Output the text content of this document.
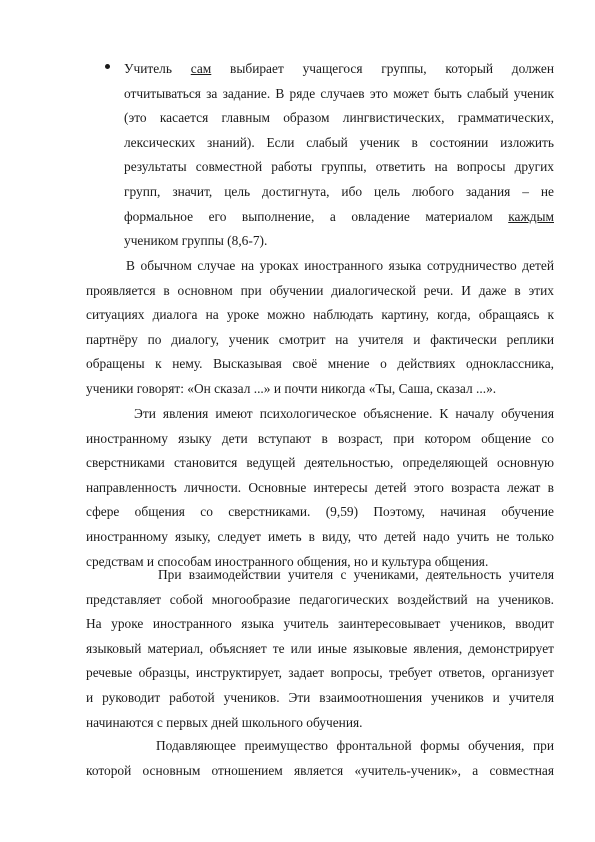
Учитель сам выбирает учащегося группы, который должен
отчитываться за задание. В ряде случаев это может быть слабый ученик
(это касается главным образом лингвистических, грамматических,
лексических знаний). Если слабый ученик в состоянии изложить
результаты совместной работы группы, ответить на вопросы других
групп, значит, цель достигнута, ибо цель любого задания – не
формальное его выполнение, а овладение материалом каждым
учеником группы (8,6-7).
В обычном случае на уроках иностранного языка сотрудничество детей
проявляется в основном при обучении диалогической речи. И даже в этих
ситуациях диалога на уроке можно наблюдать картину, когда, обращаясь к
партнёру по диалогу, ученик смотрит на учителя и фактически реплики
обращены к нему. Высказывая своё мнение о действиях одноклассника,
ученики говорят: «Он сказал ...» и почти никогда «Ты, Саша, сказал ...».
Эти явления имеют психологическое объяснение. К началу обучения
иностранному языку дети вступают в возраст, при котором общение со
сверстниками становится ведущей деятельностью, определяющей основную
направленность личности. Основные интересы детей этого возраста лежат в
сфере общения со сверстниками. (9,59) Поэтому, начиная обучение
иностранному языку, следует иметь в виду, что детей надо учить не только
средствам и способам иностранного общения, но и культура общения.
При взаимодействии учителя с учениками, деятельность учителя
представляет собой многообразие педагогических воздействий на учеников.
На уроке иностранного языка учитель заинтересовывает учеников, вводит
языковый материал, объясняет те или иные языковые явления, демонстрирует
речевые образцы, инструктирует, задает вопросы, требует ответов, организует
и руководит работой учеников. Эти взаимоотношения учеников и учителя
начинаются с первых дней школьного обучения.
Подавляющее преимущество фронтальной формы обучения, при
которой основным отношением является «учитель-ученик», а совместная
